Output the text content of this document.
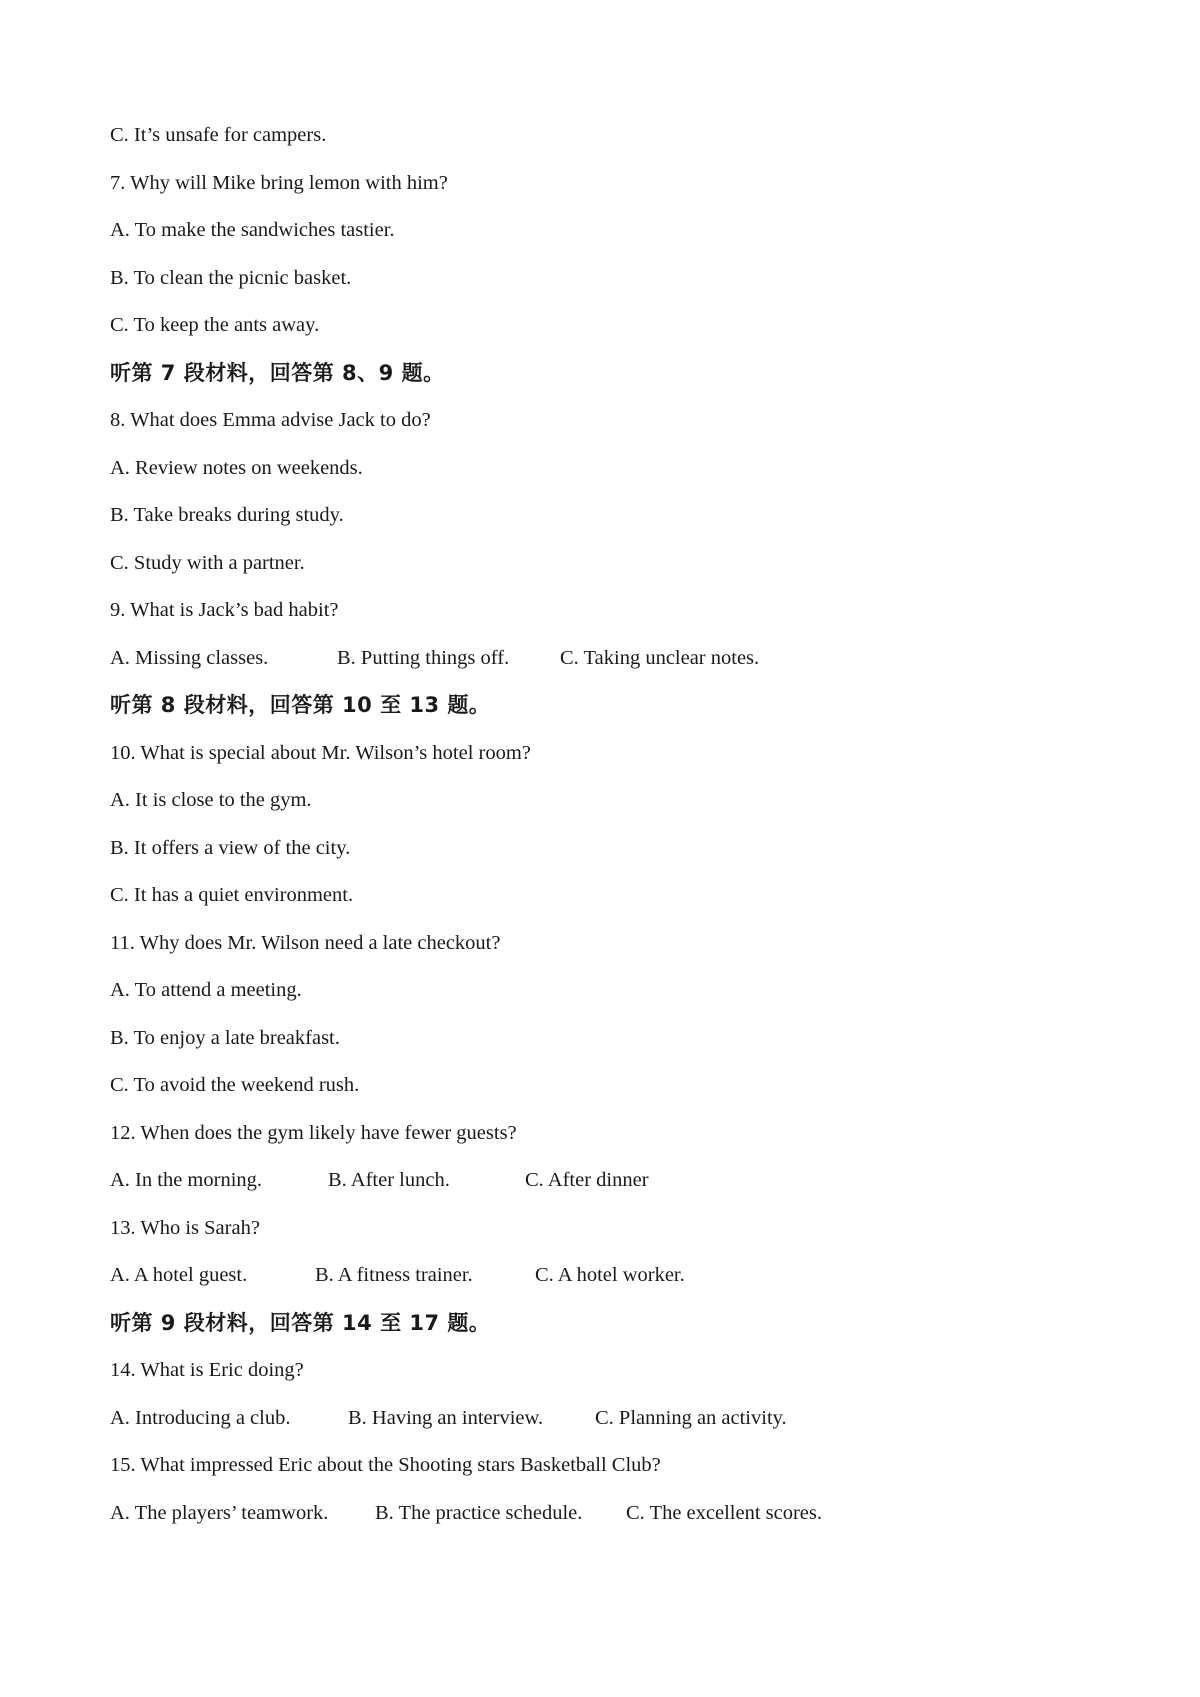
C. It’s unsafe for campers.
7. Why will Mike bring lemon with him?
A. To make the sandwiches tastier.
B. To clean the picnic basket.
C. To keep the ants away.
听第 7 段材料，回答第 8、9 题。
8. What does Emma advise Jack to do?
A. Review notes on weekends.
B. Take breaks during study.
C. Study with a partner.
9. What is Jack’s bad habit?
A. Missing classes.	B. Putting things off. C. Taking unclear notes.
听第 8 段材料，回答第 10 至 13 题。
10. What is special about Mr. Wilson’s hotel room?
A. It is close to the gym.
B. It offers a view of the city.
C. It has a quiet environment.
11. Why does Mr. Wilson need a late checkout?
A. To attend a meeting.
B. To enjoy a late breakfast.
C. To avoid the weekend rush.
12. When does the gym likely have fewer guests?
A. In the morning.	B. After lunch.	C. After dinner
13. Who is Sarah?
A. A hotel guest.	B. A fitness trainer.	C. A hotel worker.
听第 9 段材料，回答第 14 至 17 题。
14. What is Eric doing?
A. Introducing a club.	B. Having an interview.	C. Planning an activity.
15. What impressed Eric about the Shooting stars Basketball Club?
A. The players’ teamwork. B. The practice schedule. C. The excellent scores.
